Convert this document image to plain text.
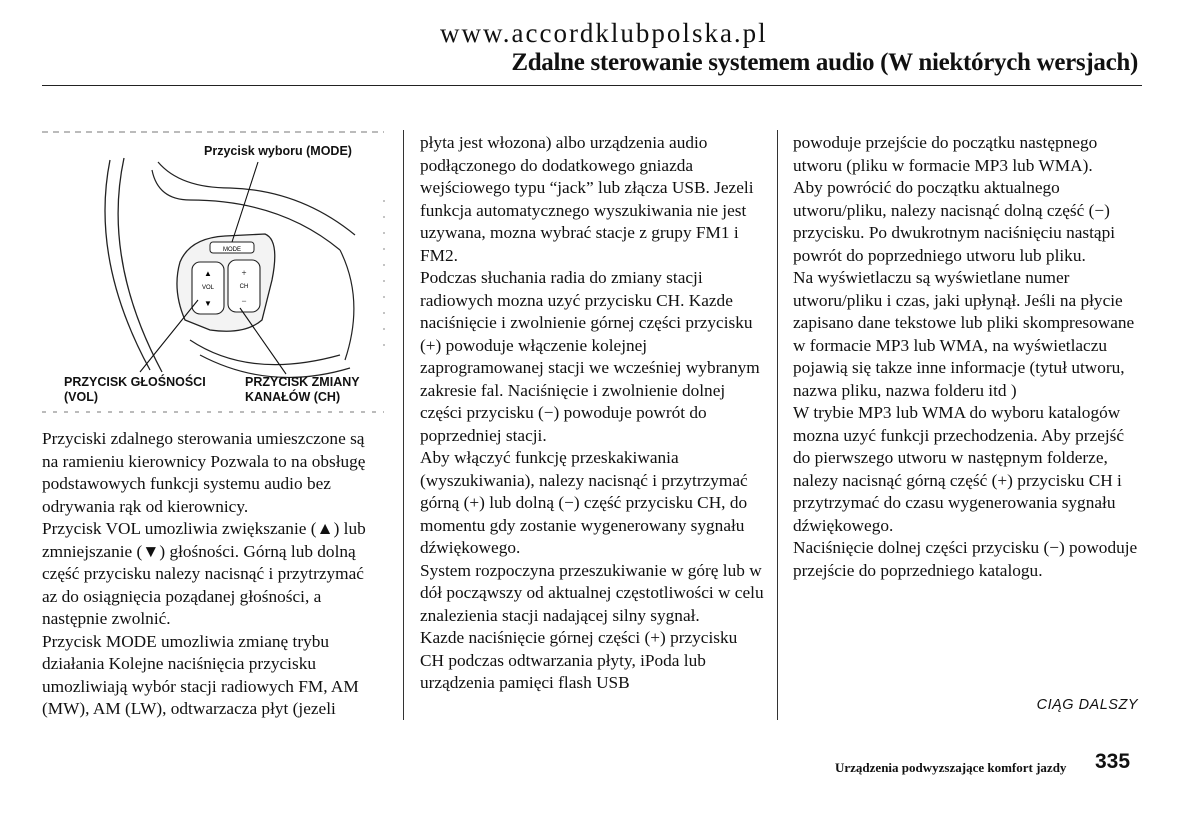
www.accordklubpolska.pl
Zdalne sterowanie systemem audio (W niektórych wersjach)
MODE
▲
VOL
▼
+
CH
−
Przycisk wyboru (MODE)
PRZYCISK GŁOŚNOŚCI
(VOL)
PRZYCISK ZMIANY
KANAŁÓW (CH)

Przyciski zdalnego sterowania umieszczone są na ramieniu kierownicy Pozwala to na obsługę podstawowych funkcji systemu audio bez odrywania rąk od kierownicy.

Przycisk VOL umozliwia zwiększanie (▲) lub zmniejszanie (▼) głośności. Górną lub dolną część przycisku nalezy nacisnąć i przytrzymać az do osiągnięcia poządanej głośności, a następnie zwolnić.

Przycisk MODE umozliwia zmianę trybu działania Kolejne naciśnięcia przycisku umozliwiają wybór stacji radiowych FM, AM (MW), AM (LW), odtwarzacza płyt (jezeli

płyta jest włozona) albo urządzenia audio podłączonego do dodatkowego gniazda wejściowego typu “jack” lub złącza USB. Jezeli funkcja automatycznego wyszukiwania nie jest uzywana, mozna wybrać stacje z grupy FM1 i FM2.

Podczas słuchania radia do zmiany stacji radiowych mozna uzyć przycisku CH. Kazde naciśnięcie i zwolnienie górnej części przycisku (+) powoduje włączenie kolejnej zaprogramowanej stacji we wcześniej wybranym zakresie fal. Naciśnięcie i zwolnienie dolnej części przycisku (−) powoduje powrót do poprzedniej stacji.

Aby włączyć funkcję przeskakiwania (wyszukiwania), nalezy nacisnąć i przytrzymać górną (+) lub dolną (−) część przycisku CH, do momentu gdy zostanie wygenerowany sygnału dźwiękowego.

System rozpoczyna przeszukiwanie w górę lub w dół począwszy od aktualnej częstotliwości w celu znalezienia stacji nadającej silny sygnał.

Kazde naciśnięcie górnej części (+) przycisku CH podczas odtwarzania płyty, iPoda lub urządzenia pamięci flash USB

powoduje przejście do początku następnego utworu (pliku w formacie MP3 lub WMA).

Aby powrócić do początku aktualnego utworu/pliku, nalezy nacisnąć dolną część (−) przycisku. Po dwukrotnym naciśnięciu nastąpi powrót do poprzedniego utworu lub pliku.

Na wyświetlaczu są wyświetlane numer utworu/pliku i czas, jaki upłynął. Jeśli na płycie zapisano dane tekstowe lub pliki skompresowane w formacie MP3 lub WMA, na wyświetlaczu pojawią się takze inne informacje (tytuł utworu, nazwa pliku, nazwa folderu itd )

W trybie MP3 lub WMA do wyboru katalogów mozna uzyć funkcji przechodzenia. Aby przejść do pierwszego utworu w następnym folderze, nalezy nacisnąć górną część (+) przycisku CH i przytrzymać do czasu wygenerowania sygnału dźwiękowego.

Naciśnięcie dolnej części przycisku (−) powoduje przejście do poprzedniego katalogu.

CIĄG DALSZY
Urządzenia podwyzszające komfort jazdy 335
